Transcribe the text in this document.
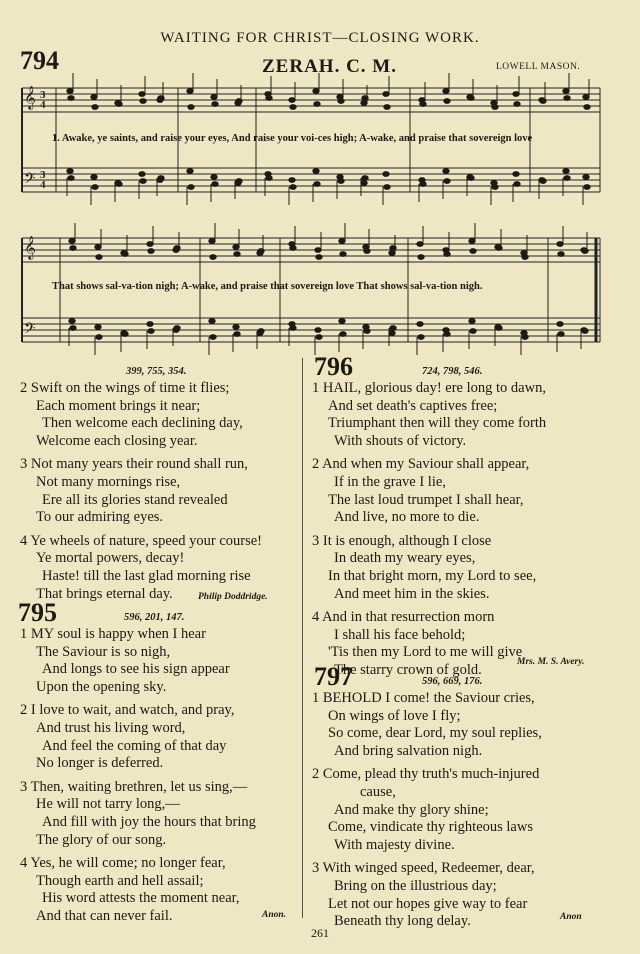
WAITING FOR CHRIST—CLOSING WORK.
794	ZERAH. C. M.	LOWELL MASON.
𝄞
𝄢
𝄞
𝄢
3
4
3
4
1. Awake, ye saints, and raise your eyes, And raise your voi-ces high; A-wake, and praise that sovereign love
That shows sal-va-tion nigh; A-wake, and praise that sovereign love That shows sal-va-tion nigh.
399, 755, 354.
2 Swift on the wings of time it flies;
Each moment brings it near;
Then welcome each declining day,
Welcome each closing year.
3 Not many years their round shall run,
Not many mornings rise,
Ere all its glories stand revealed
To our admiring eyes.
4 Ye wheels of nature, speed your course!
Ye mortal powers, decay!
Haste! till the last glad morning rise
That brings eternal day.	Philip Doddridge.
795	596, 201, 147.
1 MY soul is happy when I hear
The Saviour is so nigh,
And longs to see his sign appear
Upon the opening sky.
2 I love to wait, and watch, and pray,
And trust his living word,
And feel the coming of that day
No longer is deferred.
3 Then, waiting brethren, let us sing,—
He will not tarry long,—
And fill with joy the hours that bring
The glory of our song.
4 Yes, he will come; no longer fear,
Though earth and hell assail;
His word attests the moment near,
And that can never fail.	Anon.
796	724, 798, 546.
1 HAIL, glorious day! ere long to dawn,
And set death's captives free;
Triumphant then will they come forth
With shouts of victory.
2 And when my Saviour shall appear,
If in the grave I lie,
The last loud trumpet I shall hear,
And live, no more to die.
3 It is enough, although I close
In death my weary eyes,
In that bright morn, my Lord to see,
And meet him in the skies.
4 And in that resurrection morn
I shall his face behold;
'Tis then my Lord to me will give
The starry crown of gold.	Mrs. M. S. Avery.
797	596, 669, 176.
1 BEHOLD I come! the Saviour cries,
On wings of love I fly;
So come, dear Lord, my soul replies,
And bring salvation nigh.
2 Come, plead thy truth's much-injured
cause,
And make thy glory shine;
Come, vindicate thy righteous laws
With majesty divine.
3 With winged speed, Redeemer, dear,
Bring on the illustrious day;
Let not our hopes give way to fear
Beneath thy long delay.	Anon
261
